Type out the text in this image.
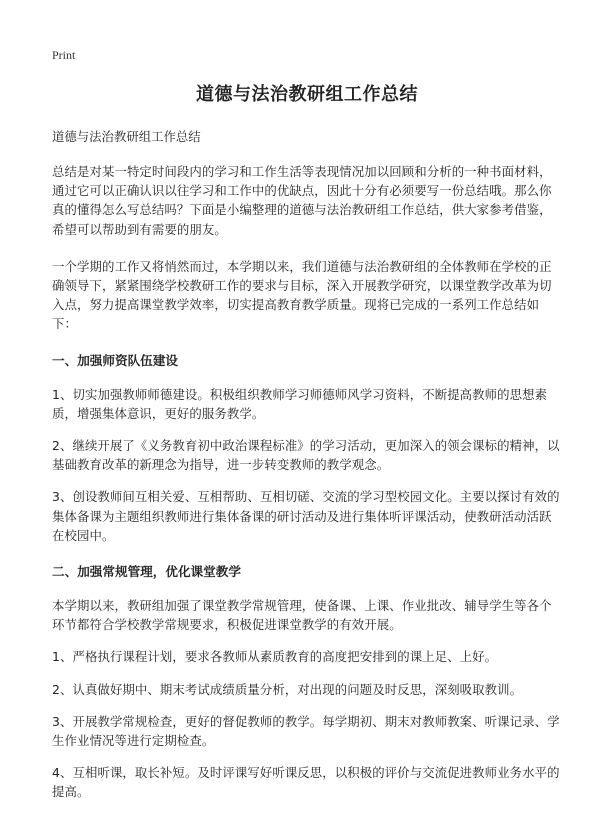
Print
道德与法治教研组工作总结
道德与法治教研组工作总结

总结是对某一特定时间段内的学习和工作生活等表现情况加以回顾和分析的一种书面材料，通过它可以正确认识以往学习和工作中的优缺点，因此十分有必须要写一份总结哦。那么你真的懂得怎么写总结吗？下面是小编整理的道德与法治教研组工作总结，供大家参考借鉴，希望可以帮助到有需要的朋友。

一个学期的工作又将悄然而过，本学期以来，我们道德与法治教研组的全体教师在学校的正确领导下，紧紧围绕学校教研工作的要求与目标，深入开展教学研究，以课堂教学改革为切入点，努力提高课堂教学效率，切实提高教育教学质量。现将已完成的一系列工作总结如下：

一、加强师资队伍建设

1、切实加强教师师德建设。积极组织教师学习师德师风学习资料，不断提高教师的思想素质，增强集体意识，更好的服务教学。

2、继续开展了《义务教育初中政治课程标准》的学习活动，更加深入的领会课标的精神，以基础教育改革的新理念为指导，进一步转变教师的教学观念。

3、创设教师间互相关爱、互相帮助、互相切磋、交流的学习型校园文化。主要以探讨有效的集体备课为主题组织教师进行集体备课的研讨活动及进行集体听评课活动，使教研活动活跃在校园中。

二、加强常规管理，优化课堂教学

本学期以来，教研组加强了课堂教学常规管理，使备课、上课、作业批改、辅导学生等各个环节都符合学校教学常规要求，积极促进课堂教学的有效开展。

1、严格执行课程计划，要求各教师从素质教育的高度把安排到的课上足、上好。

2、认真做好期中、期末考试成绩质量分析，对出现的问题及时反思，深刻吸取教训。

3、开展教学常规检查，更好的督促教师的教学。每学期初、期末对教师教案、听课记录、学生作业情况等进行定期检查。

4、互相听课，取长补短。及时评课写好听课反思，以积极的评价与交流促进教师业务水平的提高。
